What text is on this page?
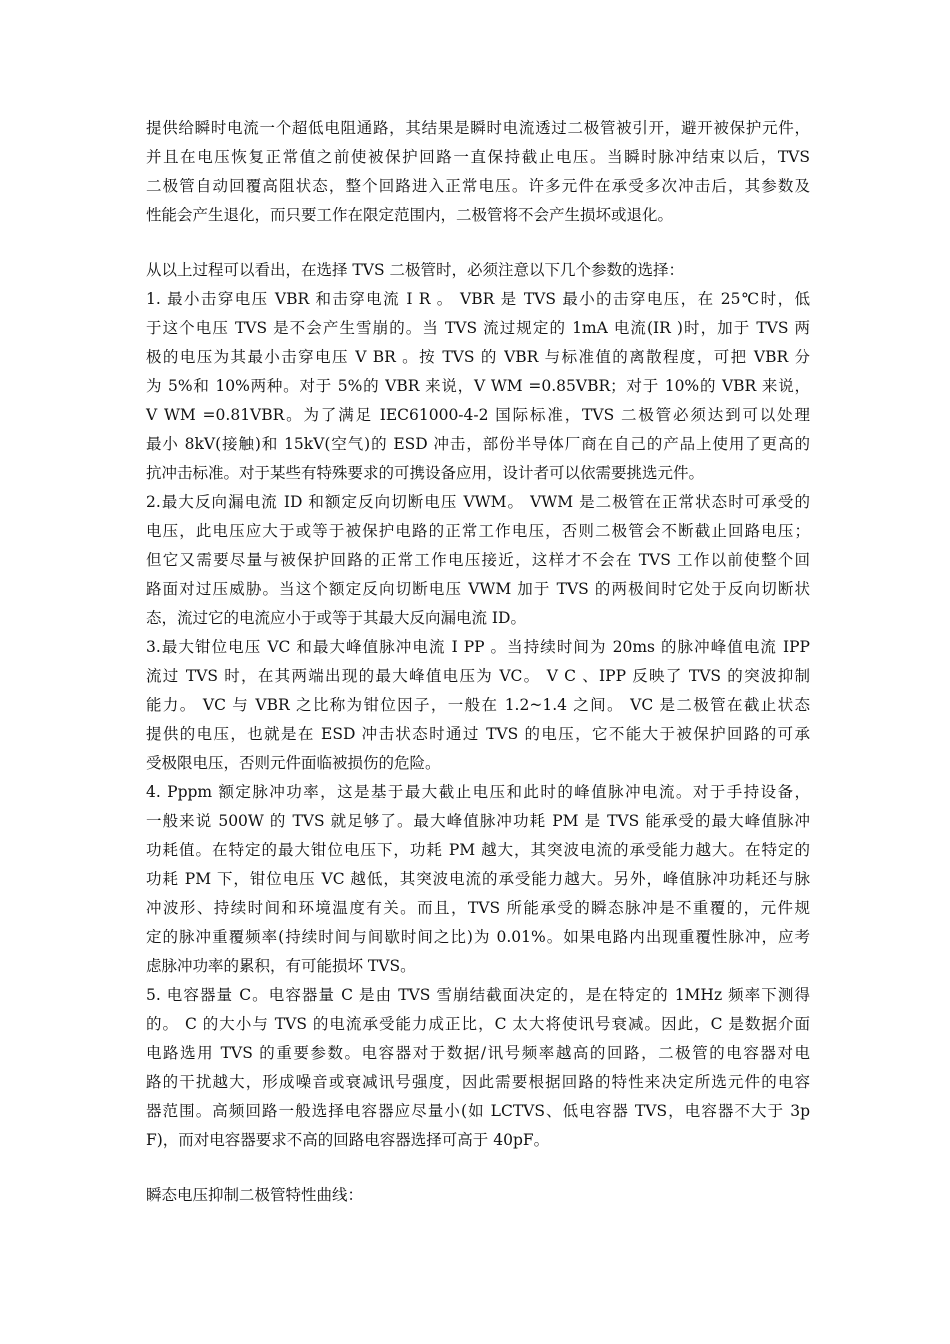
提供给瞬时电流一个超低电阻通路，其结果是瞬时电流透过二极管被引开，避开被保护元件，
并且在电压恢复正常值之前使被保护回路一直保持截止电压。当瞬时脉冲结束以后，TVS
二极管自动回覆高阻状态，整个回路进入正常电压。许多元件在承受多次冲击后，其参数及
性能会产生退化，而只要工作在限定范围内，二极管将不会产生损坏或退化。
从以上过程可以看出，在选择 TVS 二极管时，必须注意以下几个参数的选择：
1. 最小击穿电压 VBR 和击穿电流 I R 。 VBR 是 TVS 最小的击穿电压，在 25℃时，低
于这个电压 TVS 是不会产生雪崩的。当 TVS 流过规定的 1mA 电流(IR )时，加于 TVS 两
极的电压为其最小击穿电压 V BR 。按 TVS 的 VBR 与标准值的离散程度，可把 VBR 分
为 5%和 10%两种。对于 5%的 VBR 来说，V WM =0.85VBR；对于 10%的 VBR 来说，
V WM =0.81VBR。为了满足 IEC61000-4-2 国际标准，TVS 二极管必须达到可以处理
最小 8kV(接触)和 15kV(空气)的 ESD 冲击，部份半导体厂商在自己的产品上使用了更高的
抗冲击标准。对于某些有特殊要求的可携设备应用，设计者可以依需要挑选元件。
2.最大反向漏电流 ID 和额定反向切断电压 VWM。 VWM 是二极管在正常状态时可承受的
电压，此电压应大于或等于被保护电路的正常工作电压，否则二极管会不断截止回路电压；
但它又需要尽量与被保护回路的正常工作电压接近，这样才不会在 TVS 工作以前使整个回
路面对过压威胁。当这个额定反向切断电压 VWM 加于 TVS 的两极间时它处于反向切断状
态，流过它的电流应小于或等于其最大反向漏电流 ID。
3.最大钳位电压 VC 和最大峰值脉冲电流 I PP 。当持续时间为 20ms 的脉冲峰值电流 IPP
流过 TVS 时，在其两端出现的最大峰值电压为 VC。 V C 、IPP 反映了 TVS 的突波抑制
能力。 VC 与 VBR 之比称为钳位因子，一般在 1.2~1.4 之间。 VC 是二极管在截止状态
提供的电压，也就是在 ESD 冲击状态时通过 TVS 的电压，它不能大于被保护回路的可承
受极限电压，否则元件面临被损伤的危险。
4. Pppm 额定脉冲功率，这是基于最大截止电压和此时的峰值脉冲电流。对于手持设备，
一般来说 500W 的 TVS 就足够了。最大峰值脉冲功耗 PM 是 TVS 能承受的最大峰值脉冲
功耗值。在特定的最大钳位电压下，功耗 PM 越大，其突波电流的承受能力越大。在特定的
功耗 PM 下，钳位电压 VC 越低，其突波电流的承受能力越大。另外，峰值脉冲功耗还与脉
冲波形、持续时间和环境温度有关。而且，TVS 所能承受的瞬态脉冲是不重覆的，元件规
定的脉冲重覆频率(持续时间与间歇时间之比)为 0.01%。如果电路内出现重覆性脉冲，应考
虑脉冲功率的累积，有可能损坏 TVS。
5. 电容器量 C。电容器量 C 是由 TVS 雪崩结截面决定的，是在特定的 1MHz 频率下测得
的。 C 的大小与 TVS 的电流承受能力成正比，C 太大将使讯号衰减。因此，C 是数据介面
电路选用 TVS 的重要参数。电容器对于数据/讯号频率越高的回路，二极管的电容器对电
路的干扰越大，形成噪音或衰减讯号强度，因此需要根据回路的特性来决定所选元件的电容
器范围。高频回路一般选择电容器应尽量小(如 LCTVS、低电容器 TVS，电容器不大于 3p
F)，而对电容器要求不高的回路电容器选择可高于 40pF。
瞬态电压抑制二极管特性曲线：
